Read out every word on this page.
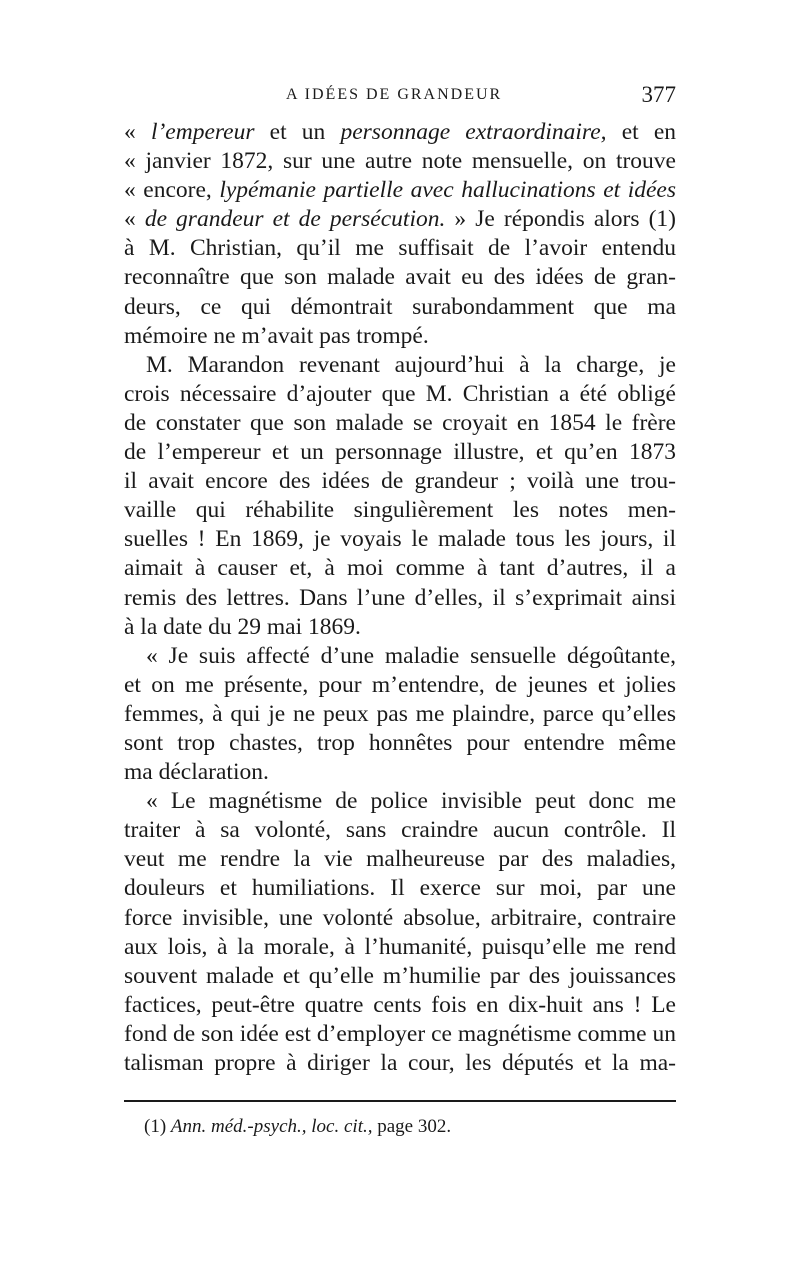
A IDÉES DE GRANDEUR	377
« l’empereur et un personnage extraordinaire, et en
« janvier 1872, sur une autre note mensuelle, on trouve
« encore, lypémanie partielle avec hallucinations et idées
« de grandeur et de persécution. » Je répondis alors (1)
à M. Christian, qu’il me suffisait de l’avoir entendu
reconnaître que son malade avait eu des idées de gran-
deurs, ce qui démontrait surabondamment que ma
mémoire ne m’avait pas trompé.
M. Marandon revenant aujourd’hui à la charge, je
crois nécessaire d’ajouter que M. Christian a été obligé
de constater que son malade se croyait en 1854 le frère
de l’empereur et un personnage illustre, et qu’en 1873
il avait encore des idées de grandeur ; voilà une trou-
vaille qui réhabilite singulièrement les notes men-
suelles ! En 1869, je voyais le malade tous les jours, il
aimait à causer et, à moi comme à tant d’autres, il a
remis des lettres. Dans l’une d’elles, il s’exprimait ainsi
à la date du 29 mai 1869.
« Je suis affecté d’une maladie sensuelle dégoûtante,
et on me présente, pour m’entendre, de jeunes et jolies
femmes, à qui je ne peux pas me plaindre, parce qu’elles
sont trop chastes, trop honnêtes pour entendre même
ma déclaration.
« Le magnétisme de police invisible peut donc me
traiter à sa volonté, sans craindre aucun contrôle. Il
veut me rendre la vie malheureuse par des maladies,
douleurs et humiliations. Il exerce sur moi, par une
force invisible, une volonté absolue, arbitraire, contraire
aux lois, à la morale, à l’humanité, puisqu’elle me rend
souvent malade et qu’elle m’humilie par des jouissances
factices, peut-être quatre cents fois en dix-huit ans ! Le
fond de son idée est d’employer ce magnétisme comme un
talisman propre à diriger la cour, les députés et la ma-
(1) Ann. méd.-psych., loc. cit., page 302.
